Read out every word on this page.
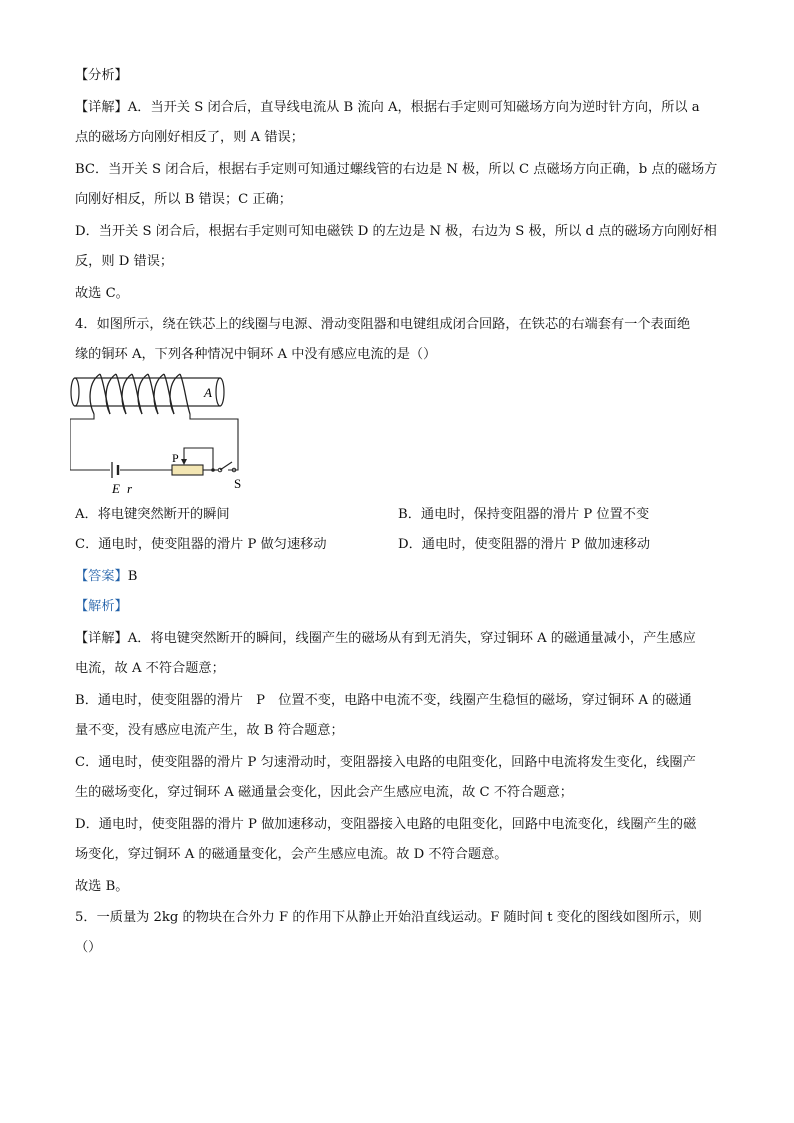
【分析】
【详解】A．当开关 S 闭合后，直导线电流从 B 流向 A，根据右手定则可知磁场方向为逆时针方向，所以 a
点的磁场方向刚好相反了，则 A 错误；
BC．当开关 S 闭合后，根据右手定则可知通过螺线管的右边是 N 极，所以 C 点磁场方向正确，b 点的磁场方
向刚好相反，所以 B 错误；C 正确；
D．当开关 S 闭合后，根据右手定则可知电磁铁 D 的左边是 N 极，右边为 S 极，所以 d 点的磁场方向刚好相
反，则 D 错误；
故选 C。
4．如图所示，绕在铁芯上的线圈与电源、滑动变阻器和电键组成闭合回路，在铁芯的右端套有一个表面绝
缘的铜环 A，下列各种情况中铜环 A 中没有感应电流的是（）
A
P
S
E r
A．将电键突然断开的瞬间	B．通电时，保持变阻器的滑片 P 位置不变
C．通电时，使变阻器的滑片 P 做匀速移动	D．通电时，使变阻器的滑片 P 做加速移动
【答案】B
【解析】
【详解】A．将电键突然断开的瞬间，线圈产生的磁场从有到无消失，穿过铜环 A 的磁通量减小，产生感应
电流，故 A 不符合题意；
B．通电时，使变阻器的滑片　P　位置不变，电路中电流不变，线圈产生稳恒的磁场，穿过铜环 A 的磁通
量不变，没有感应电流产生，故 B 符合题意；
C．通电时，使变阻器的滑片 P 匀速滑动时，变阻器接入电路的电阻变化，回路中电流将发生变化，线圈产
生的磁场变化，穿过铜环 A 磁通量会变化，因此会产生感应电流，故 C 不符合题意；
D．通电时，使变阻器的滑片 P 做加速移动，变阻器接入电路的电阻变化，回路中电流变化，线圈产生的磁
场变化，穿过铜环 A 的磁通量变化，会产生感应电流。故 D 不符合题意。
故选 B。
5．一质量为 2kg 的物块在合外力 F 的作用下从静止开始沿直线运动。F 随时间 t 变化的图线如图所示，则
（）
